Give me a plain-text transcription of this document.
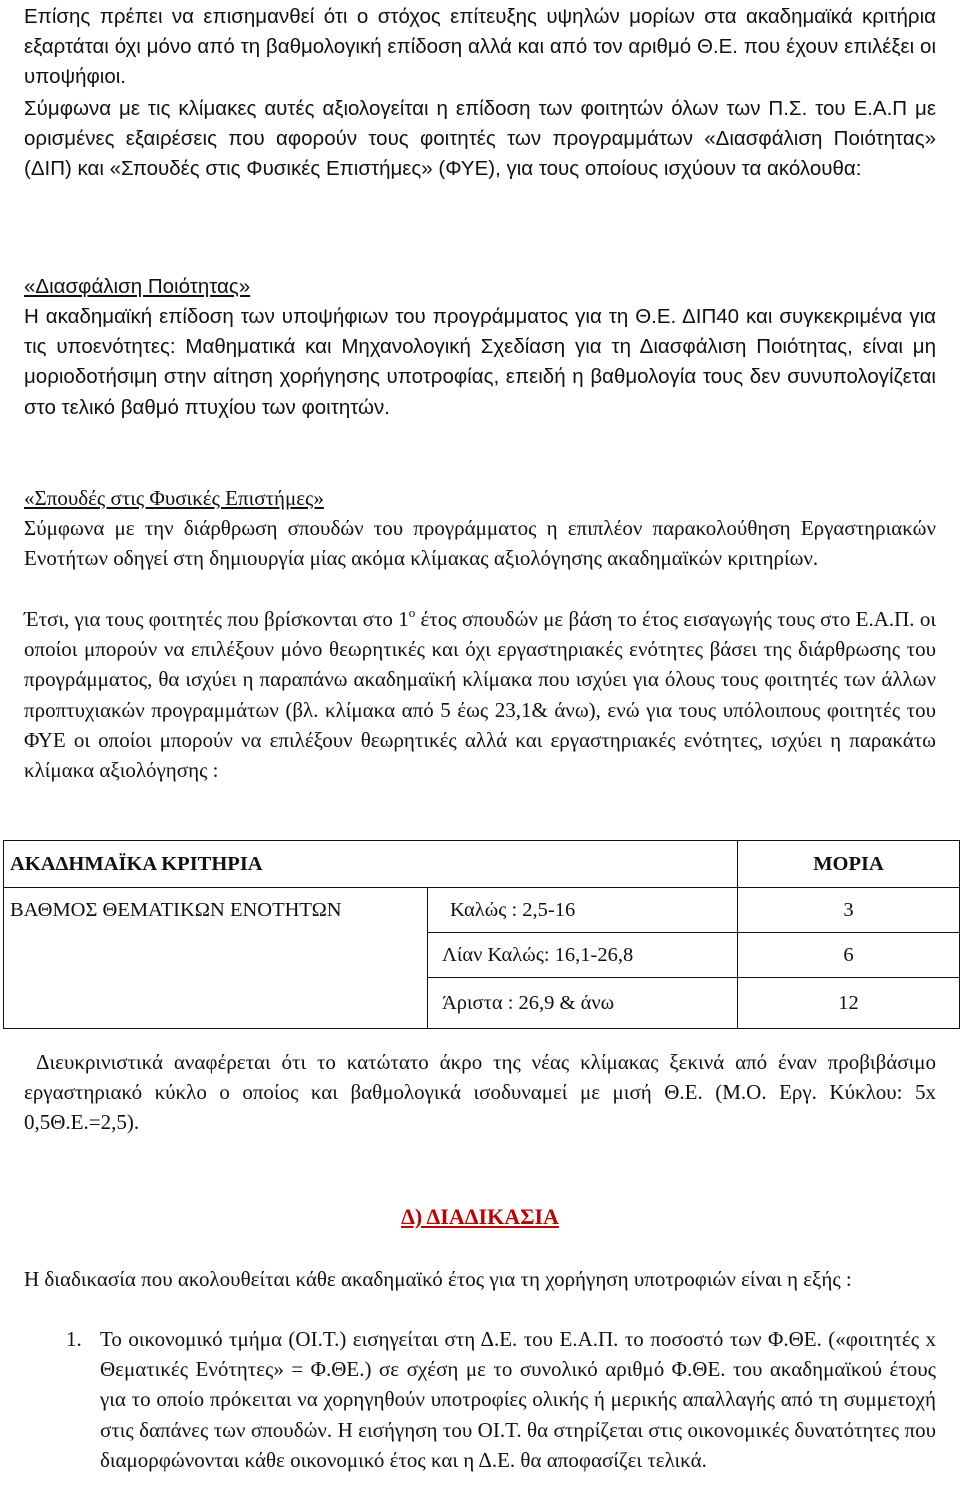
Επίσης πρέπει να επισημανθεί ότι ο στόχος επίτευξης υψηλών μορίων στα ακαδημαϊκά κριτήρια εξαρτάται όχι μόνο από τη βαθμολογική επίδοση αλλά και από τον αριθμό Θ.Ε. που έχουν επιλέξει οι υποψήφιοι.

Σύμφωνα με τις κλίμακες αυτές αξιολογείται η επίδοση των φοιτητών όλων των Π.Σ. του Ε.Α.Π με ορισμένες εξαιρέσεις που αφορούν τους φοιτητές των προγραμμάτων «Διασφάλιση Ποιότητας» (ΔΙΠ) και «Σπουδές στις Φυσικές Επιστήμες» (ΦΥΕ), για τους οποίους ισχύουν τα ακόλουθα:

«Διασφάλιση Ποιότητας»

Η ακαδημαϊκή επίδοση των υποψήφιων του προγράμματος για τη Θ.Ε. ΔΙΠ40 και συγκεκριμένα για τις υποενότητες: Μαθηματικά και Μηχανολογική Σχεδίαση για τη Διασφάλιση Ποιότητας, είναι μη μοριοδοτήσιμη στην αίτηση χορήγησης υποτροφίας, επειδή η βαθμολογία τους δεν συνυπολογίζεται στο τελικό βαθμό πτυχίου των φοιτητών.

«Σπουδές στις Φυσικές Επιστήμες»

Σύμφωνα με την διάρθρωση σπουδών του προγράμματος η επιπλέον παρακολούθηση Εργαστηριακών Ενοτήτων οδηγεί στη δημιουργία μίας ακόμα κλίμακας αξιολόγησης ακαδημαϊκών κριτηρίων.

Έτσι, για τους φοιτητές που βρίσκονται στο $1^o$ έτος σπουδών με βάση το έτος εισαγωγής τους στο Ε.Α.Π. οι οποίοι μπορούν να επιλέξουν μόνο θεωρητικές και όχι εργαστηριακές ενότητες βάσει της διάρθρωσης του προγράμματος, θα ισχύει η παραπάνω ακαδημαϊκή κλίμακα που ισχύει για όλους τους φοιτητές των άλλων προπτυχιακών προγραμμάτων (βλ. κλίμακα από 5 έως 23,1& άνω), ενώ για τους υπόλοιπους φοιτητές του ΦΥΕ οι οποίοι μπορούν να επιλέξουν θεωρητικές αλλά και εργαστηριακές ενότητες, ισχύει η παρακάτω κλίμακα αξιολόγησης :

ΑΚΑΔΗΜΑΪΚΑ ΚΡΙΤΗΡΙΑ		ΜΟΡΙΑ
ΒΑΘΜΟΣ ΘΕΜΑΤΙΚΩΝ ΕΝΟΤΗΤΩΝ	Καλώς : 2,5-16	3
	Λίαν Καλώς: 16,1-26,8	6
	Άριστα : 26,9 & άνω	12

Διευκρινιστικά αναφέρεται ότι το κατώτατο άκρο της νέας κλίμακας ξεκινά από έναν προβιβάσιμο εργαστηριακό κύκλο ο οποίος και βαθμολογικά ισοδυναμεί με μισή Θ.Ε. (Μ.Ο. Εργ. Κύκλου: 5x 0,5Θ.Ε.=2,5).

Δ) ΔΙΑΔΙΚΑΣΙΑ

Η διαδικασία που ακολουθείται κάθε ακαδημαϊκό έτος για τη χορήγηση υποτροφιών είναι η εξής :

1. Το οικονομικό τμήμα (ΟΙ.Τ.) εισηγείται στη Δ.Ε. του Ε.Α.Π. το ποσοστό των Φ.ΘΕ. («φοιτητές x Θεματικές Ενότητες» = Φ.ΘΕ.) σε σχέση με το συνολικό αριθμό Φ.ΘΕ. του ακαδημαϊκού έτους για το οποίο πρόκειται να χορηγηθούν υποτροφίες ολικής ή μερικής απαλλαγής από τη συμμετοχή στις δαπάνες των σπουδών. Η εισήγηση του ΟΙ.Τ. θα στηρίζεται στις οικονομικές δυνατότητες που διαμορφώνονται κάθε οικονομικό έτος και η Δ.Ε. θα αποφασίζει τελικά.
